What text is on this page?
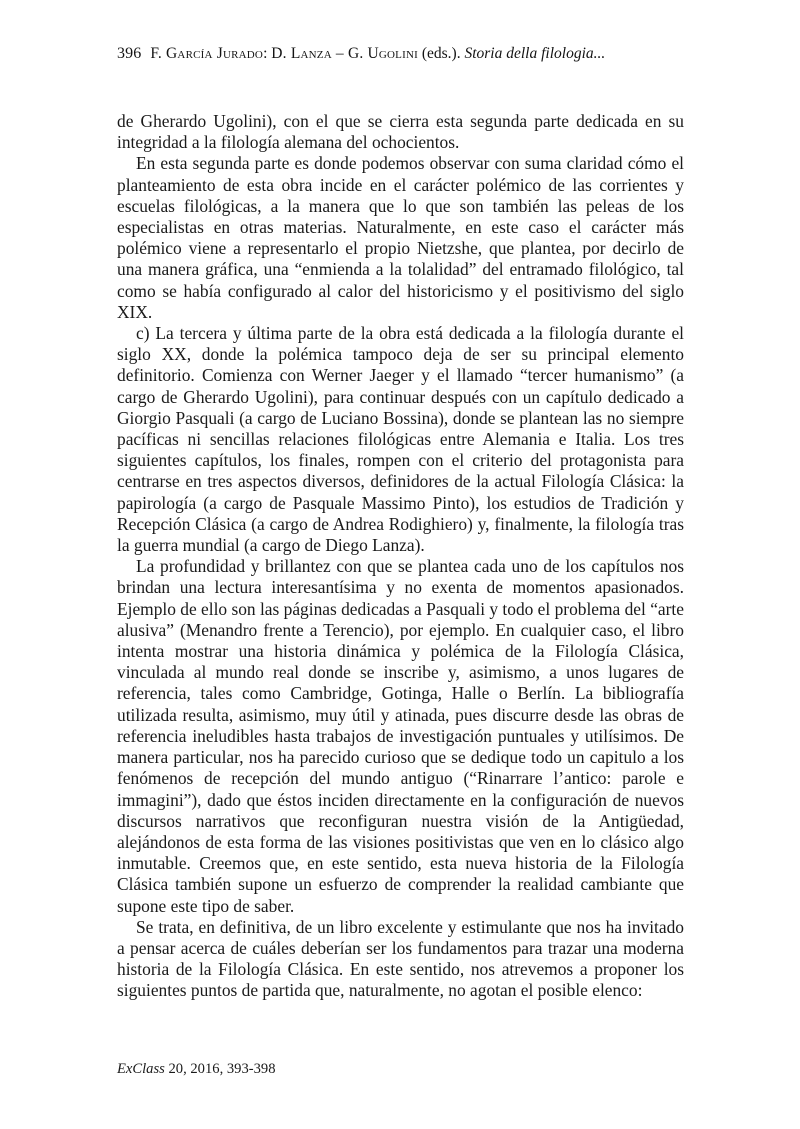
396 F. García Jurado: D. Lanza – G. Ugolini (eds.). Storia della filologia...

de Gherardo Ugolini), con el que se cierra esta segunda parte dedicada en su integridad a la filología alemana del ochocientos.

En esta segunda parte es donde podemos observar con suma claridad cómo el planteamiento de esta obra incide en el carácter polémico de las corrientes y escuelas filológicas, a la manera que lo que son también las peleas de los especialistas en otras materias. Naturalmente, en este caso el carácter más polémico viene a representarlo el propio Nietzshe, que plantea, por decirlo de una manera gráfica, una “enmienda a la tolalidad” del entramado filológico, tal como se había configurado al calor del historicismo y el positivismo del siglo XIX.

c) La tercera y última parte de la obra está dedicada a la filología durante el siglo XX, donde la polémica tampoco deja de ser su principal elemento definitorio. Comienza con Werner Jaeger y el llamado “tercer humanismo” (a cargo de Gherardo Ugolini), para continuar después con un capítulo dedicado a Giorgio Pasquali (a cargo de Luciano Bossina), donde se plantean las no siempre pacíficas ni sencillas relaciones filológicas entre Alemania e Italia. Los tres siguientes capítulos, los finales, rompen con el criterio del protagonista para centrarse en tres aspectos diversos, definidores de la actual Filología Clásica: la papirología (a cargo de Pasquale Massimo Pinto), los estudios de Tradición y Recepción Clásica (a cargo de Andrea Rodighiero) y, finalmente, la filología tras la guerra mundial (a cargo de Diego Lanza).

La profundidad y brillantez con que se plantea cada uno de los capítulos nos brindan una lectura interesantísima y no exenta de momentos apasionados. Ejemplo de ello son las páginas dedicadas a Pasquali y todo el problema del “arte alusiva” (Menandro frente a Terencio), por ejemplo. En cualquier caso, el libro intenta mostrar una historia dinámica y polémica de la Filología Clásica, vinculada al mundo real donde se inscribe y, asimismo, a unos lugares de referencia, tales como Cambridge, Gotinga, Halle o Berlín. La bibliografía utilizada resulta, asimismo, muy útil y atinada, pues discurre desde las obras de referencia ineludibles hasta trabajos de investigación puntuales y utilísimos. De manera particular, nos ha parecido curioso que se dedique todo un capitulo a los fenómenos de recepción del mundo antiguo (“Rinarrare l’antico: parole e immagini”), dado que éstos inciden directamente en la configuración de nuevos discursos narrativos que reconfiguran nuestra visión de la Antigüedad, alejándonos de esta forma de las visiones positivistas que ven en lo clásico algo inmutable. Creemos que, en este sentido, esta nueva historia de la Filología Clásica también supone un esfuerzo de comprender la realidad cambiante que supone este tipo de saber.

Se trata, en definitiva, de un libro excelente y estimulante que nos ha invitado a pensar acerca de cuáles deberían ser los fundamentos para trazar una moderna historia de la Filología Clásica. En este sentido, nos atrevemos a proponer los siguientes puntos de partida que, naturalmente, no agotan el posible elenco:

ExClass 20, 2016, 393-398
